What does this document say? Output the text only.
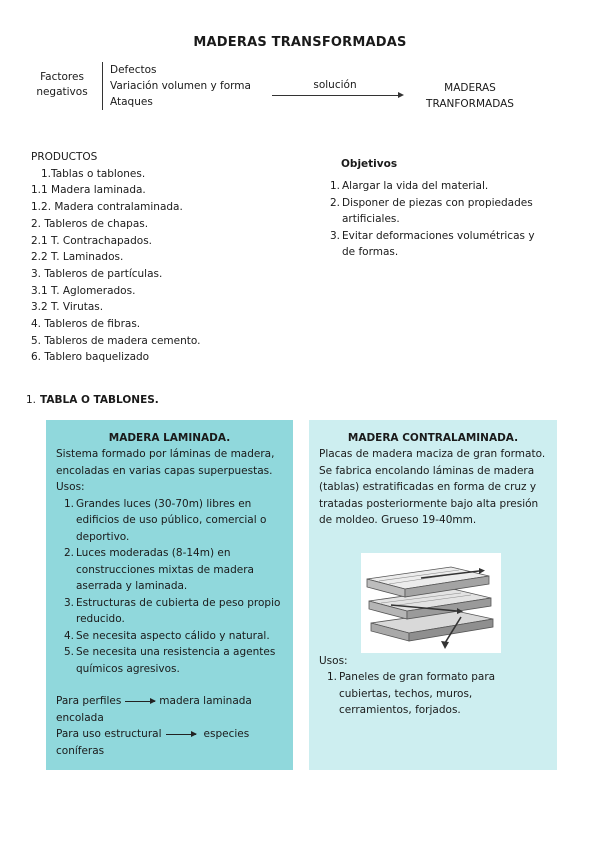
MADERAS TRANSFORMADAS
Factores
negativos
Defectos
Variación volumen y forma
Ataques
solución	MADERAS
TRANFORMADAS
PRODUCTOS
1.Tablas o tablones.
1.1 Madera laminada.
1.2. Madera contralaminada.
2. Tableros de chapas.
2.1 T. Contrachapados.
2.2 T. Laminados.
3. Tableros de partículas.
3.1 T. Aglomerados.
3.2 T. Virutas.
4. Tableros de fibras.
5. Tableros de madera cemento.
6. Tablero baquelizado
Objetivos
1. Alargar la vida del material.
2. Disponer de piezas con propiedades artificiales.
3. Evitar deformaciones volumétricas y de formas.
1. TABLA O TABLONES.
MADERA LAMINADA.
Sistema formado por láminas de madera, encoladas en varias capas superpuestas.
Usos:
1. Grandes luces (30-70m) libres en edificios de uso público, comercial o deportivo.
2. Luces moderadas (8-14m) en construcciones mixtas de madera aserrada y laminada.
3. Estructuras de cubierta de peso propio reducido.
4. Se necesita aspecto cálido y natural.
5. Se necesita una resistencia a agentes químicos agresivos.
Para perfiles	madera laminada
encolada
Para uso estructural	especies
coníferas
MADERA CONTRALAMINADA.
Placas de madera maciza de gran formato.
Se fabrica encolando láminas de madera (tablas) estratificadas en forma de cruz y tratadas posteriormente bajo alta presión de moldeo. Grueso 19-40mm.
Usos:
1. Paneles de gran formato para cubiertas, techos, muros, cerramientos, forjados.
